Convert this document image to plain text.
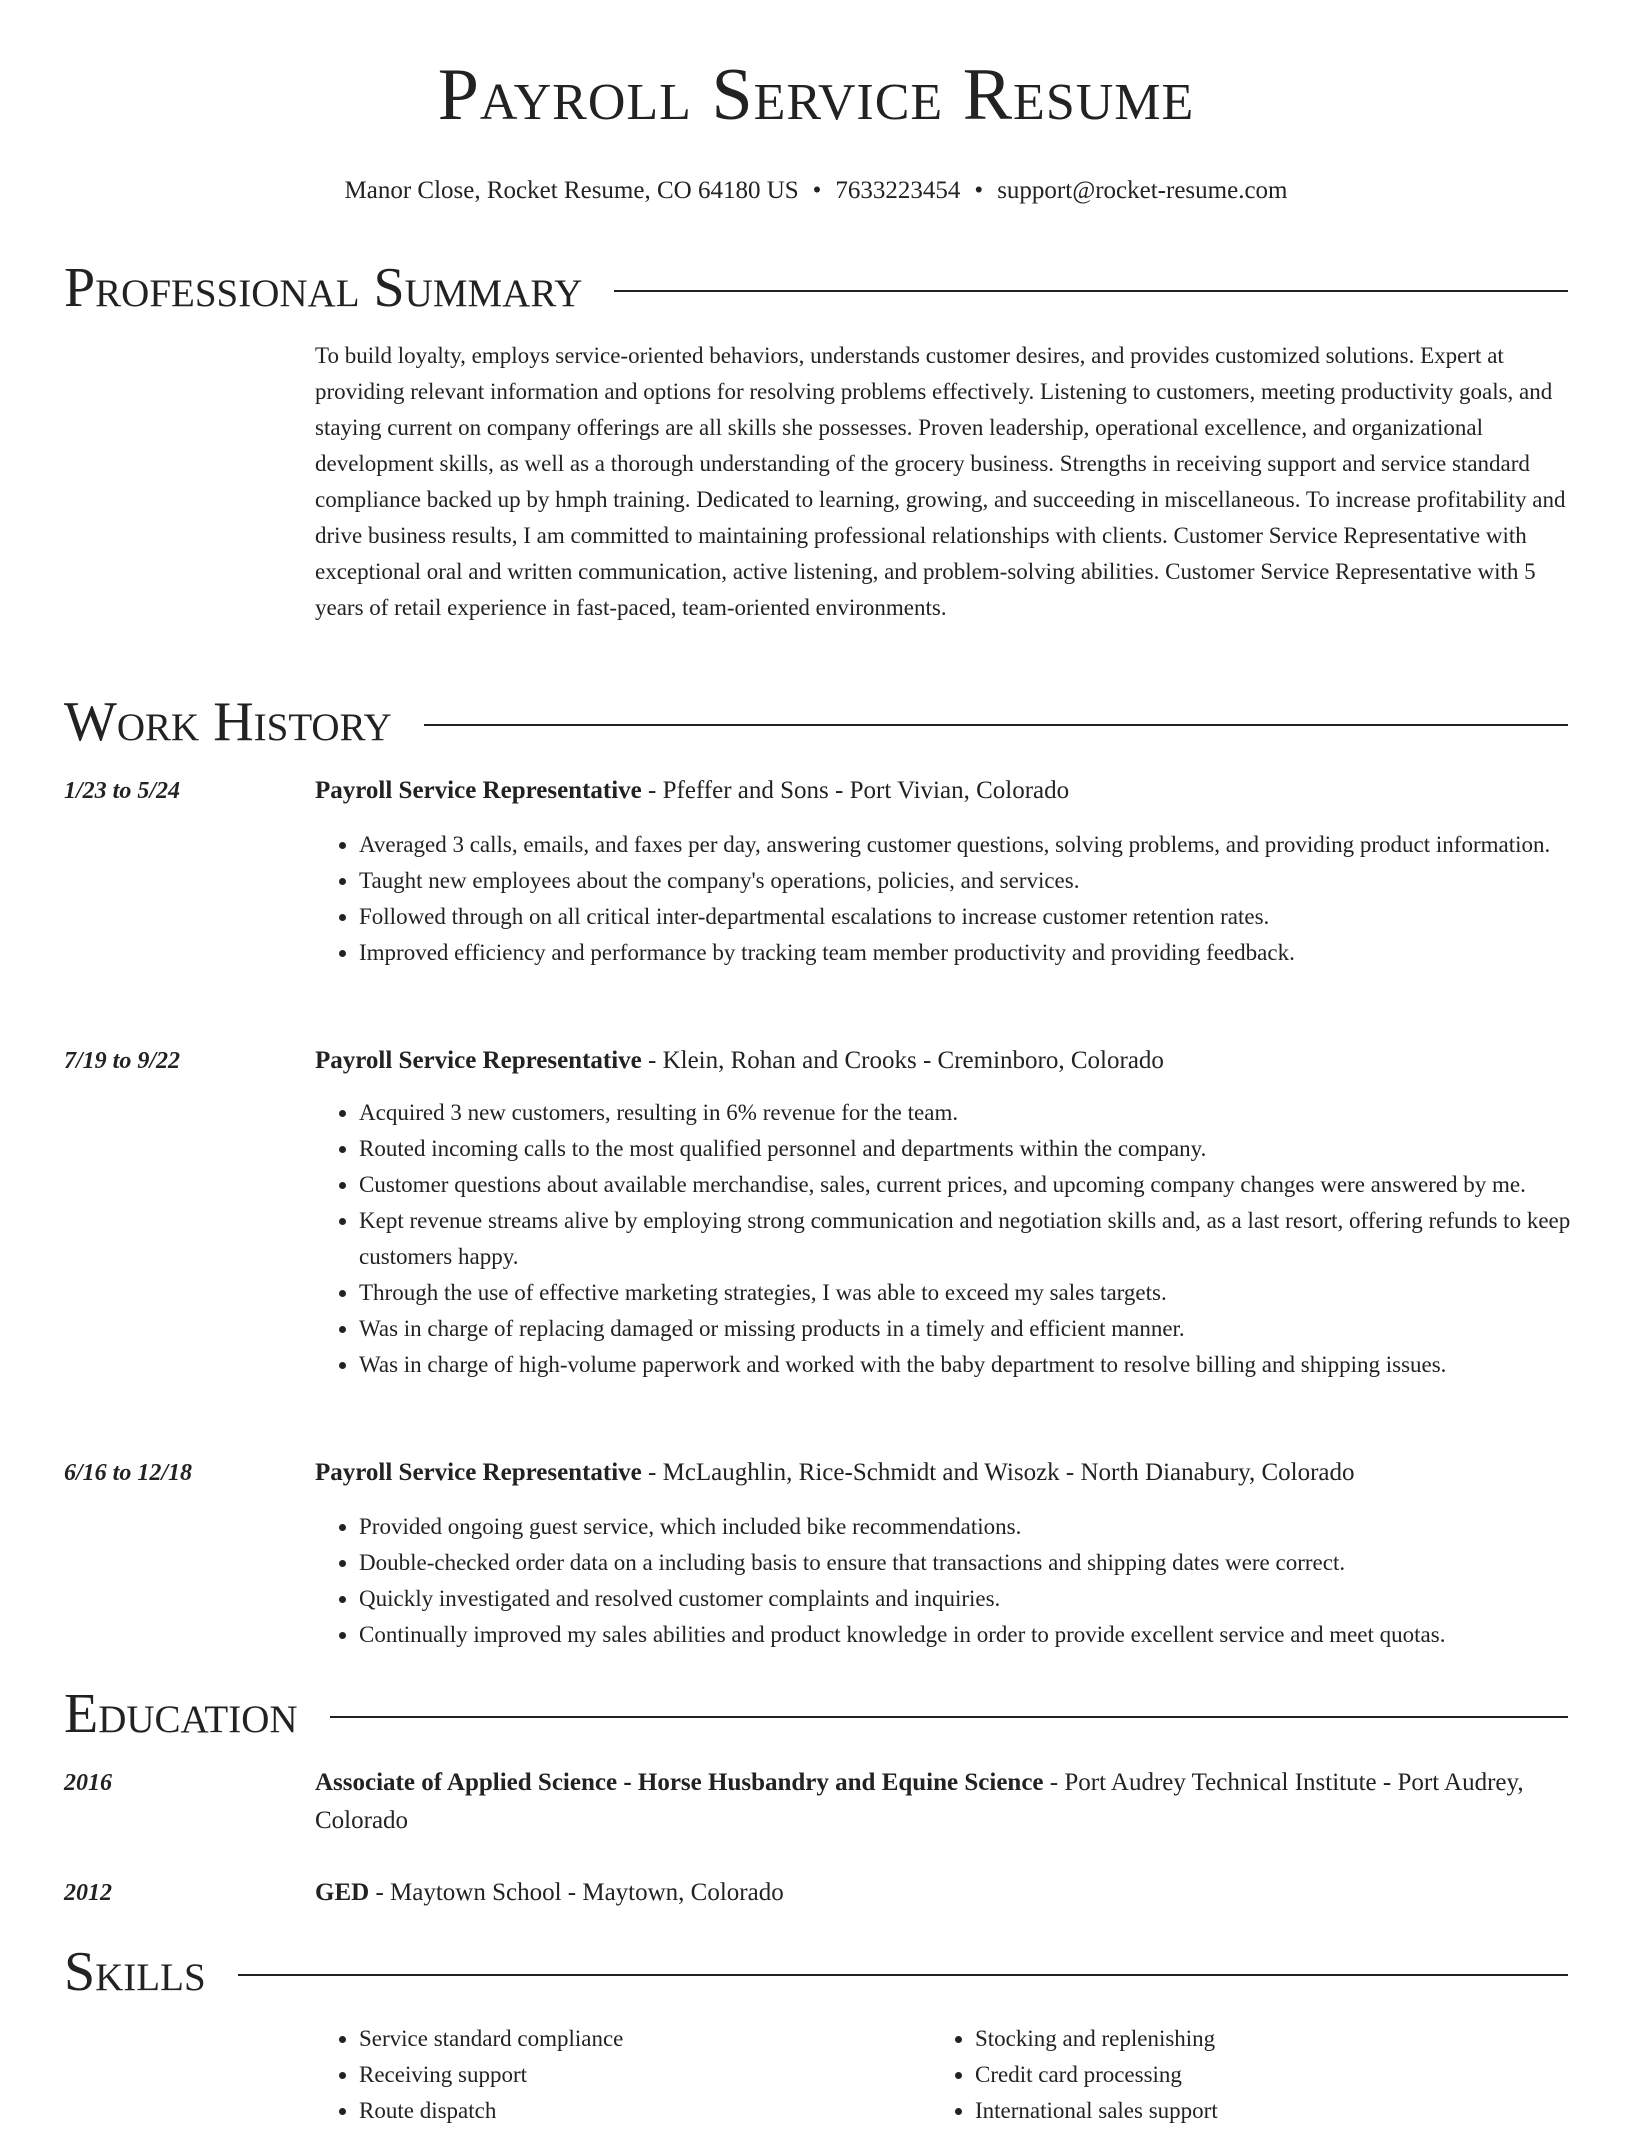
Payroll Service Resume
Manor Close, Rocket Resume, CO 64180 US • 7633223454 • support@rocket-resume.com
Professional Summary

To build loyalty, employs service-oriented behaviors, understands customer desires, and provides customized solutions. Expert at providing relevant information and options for resolving problems effectively. Listening to customers, meeting productivity goals, and staying current on company offerings are all skills she possesses. Proven leadership, operational excellence, and organizational development skills, as well as a thorough understanding of the grocery business. Strengths in receiving support and service standard compliance backed up by hmph training. Dedicated to learning, growing, and succeeding in miscellaneous. To increase profitability and drive business results, I am committed to maintaining professional relationships with clients. Customer Service Representative with exceptional oral and written communication, active listening, and problem-solving abilities. Customer Service Representative with 5 years of retail experience in fast-paced, team-oriented environments.

Work History
1/23 to 5/24	Payroll Service Representative - Pfeffer and Sons - Port Vivian, Colorado
• Averaged 3 calls, emails, and faxes per day, answering customer questions, solving problems, and providing product information.
• Taught new employees about the company's operations, policies, and services.
• Followed through on all critical inter-departmental escalations to increase customer retention rates.
• Improved efficiency and performance by tracking team member productivity and providing feedback.
7/19 to 9/22	Payroll Service Representative - Klein, Rohan and Crooks - Creminboro, Colorado
• Acquired 3 new customers, resulting in 6% revenue for the team.
• Routed incoming calls to the most qualified personnel and departments within the company.
• Customer questions about available merchandise, sales, current prices, and upcoming company changes were answered by me.
• Kept revenue streams alive by employing strong communication and negotiation skills and, as a last resort, offering refunds to keep customers happy.
• Through the use of effective marketing strategies, I was able to exceed my sales targets.
• Was in charge of replacing damaged or missing products in a timely and efficient manner.
• Was in charge of high-volume paperwork and worked with the baby department to resolve billing and shipping issues.
6/16 to 12/18	Payroll Service Representative - McLaughlin, Rice-Schmidt and Wisozk - North Dianabury, Colorado
• Provided ongoing guest service, which included bike recommendations.
• Double-checked order data on a including basis to ensure that transactions and shipping dates were correct.
• Quickly investigated and resolved customer complaints and inquiries.
• Continually improved my sales abilities and product knowledge in order to provide excellent service and meet quotas.
Education
2016	Associate of Applied Science - Horse Husbandry and Equine Science - Port Audrey Technical Institute - Port Audrey, Colorado
2012	GED - Maytown School - Maytown, Colorado
Skills
• Service standard compliance
• Receiving support
• Route dispatch
• Stocking and replenishing
• Credit card processing
• International sales support
